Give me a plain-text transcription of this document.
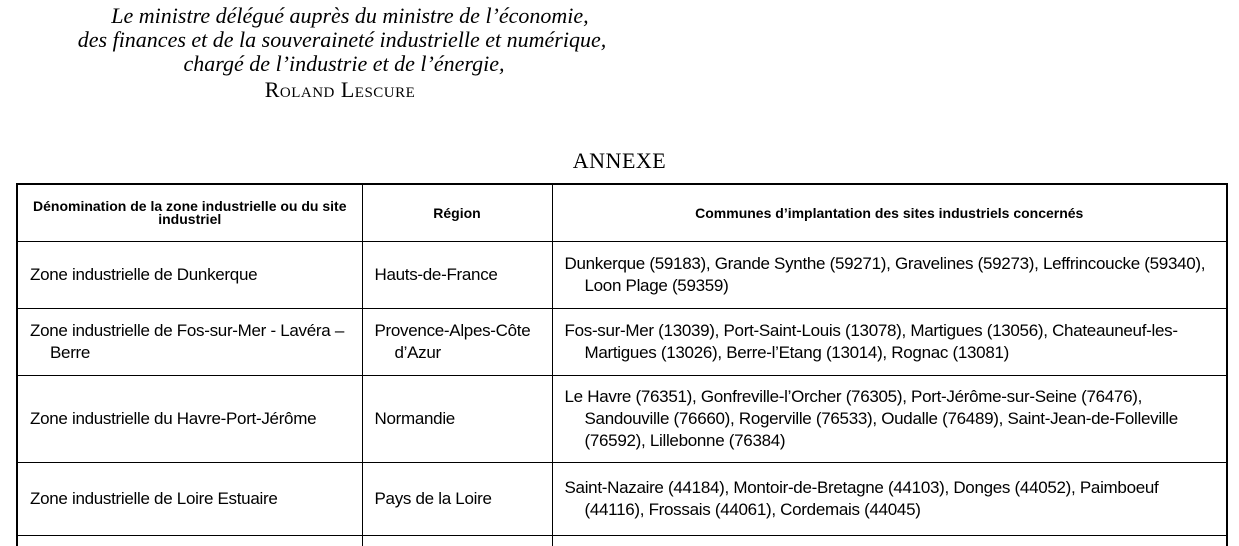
Le ministre délégué auprès du ministre de l’économie,
des finances et de la souveraineté industrielle et numérique,
chargé de l’industrie et de l’énergie,
Roland Lescure
ANNEXE
Dénomination de la zone industrielle ou du site industriel	Région	Communes d’implantation des sites industriels concernés
Zone industrielle de Dunkerque	Hauts-de-France	Dunkerque (59183), Grande Synthe (59271), Gravelines (59273), Leffrincoucke (59340), Loon Plage (59359)
Zone industrielle de Fos-sur-Mer - Lavéra – Berre	Provence-Alpes-Côte d’Azur	Fos-sur-Mer (13039), Port-Saint-Louis (13078), Martigues (13056), Chateauneuf-les-Martigues (13026), Berre-l’Etang (13014), Rognac (13081)
Zone industrielle du Havre-Port-Jérôme	Normandie	Le Havre (76351), Gonfreville-l’Orcher (76305), Port-Jérôme-sur-Seine (76476), Sandouville (76660), Rogerville (76533), Oudalle (76489), Saint-Jean-de-Folleville (76592), Lillebonne (76384)
Zone industrielle de Loire Estuaire	Pays de la Loire	Saint-Nazaire (44184), Montoir-de-Bretagne (44103), Donges (44052), Paimboeuf (44116), Frossais (44061), Cordemais (44045)
